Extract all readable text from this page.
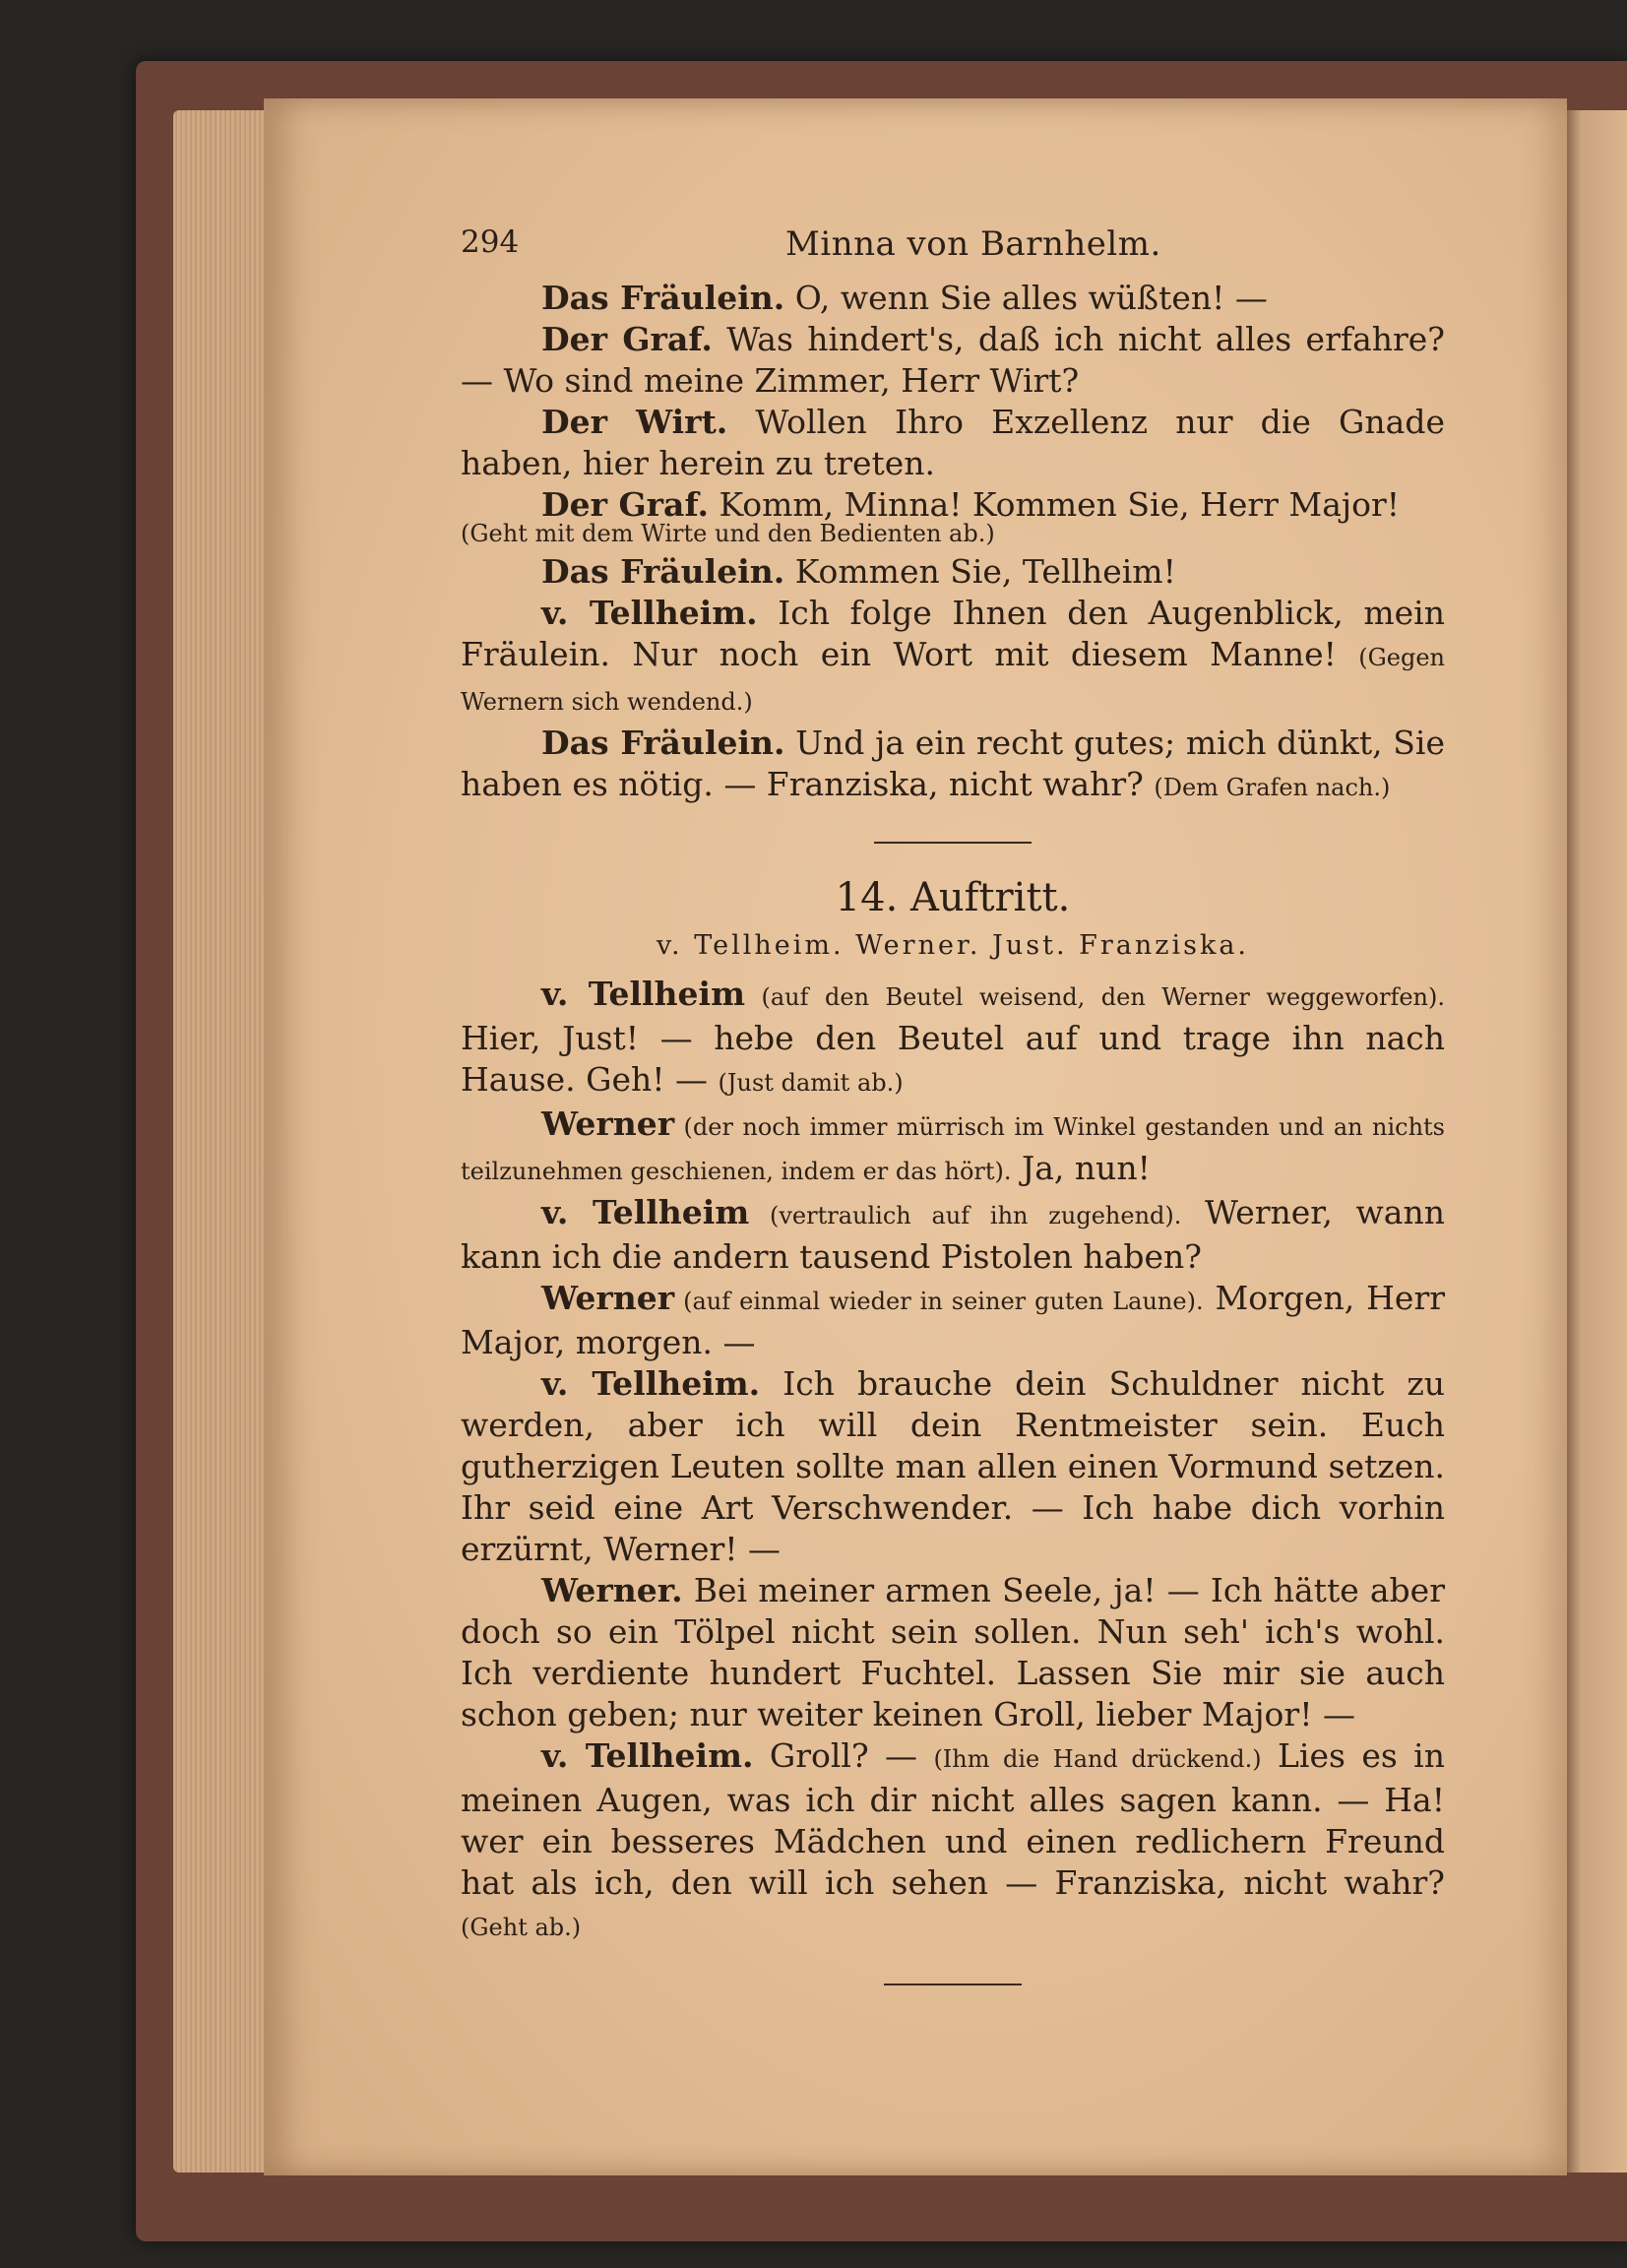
294	Minna von Barnhelm.

Das Fräulein. O, wenn Sie alles wüßten! —

Der Graf. Was hindert's, daß ich nicht alles erfahre? — Wo sind meine Zimmer, Herr Wirt?

Der Wirt. Wollen Ihro Exzellenz nur die Gnade haben, hier herein zu treten.

Der Graf. Komm, Minna! Kommen Sie, Herr Major!

(Geht mit dem Wirte und den Bedienten ab.)

Das Fräulein. Kommen Sie, Tellheim!

v. Tellheim. Ich folge Ihnen den Augenblick, mein Fräulein. Nur noch ein Wort mit diesem Manne! (Gegen Wernern sich wendend.)

Das Fräulein. Und ja ein recht gutes; mich dünkt, Sie haben es nötig. — Franziska, nicht wahr? (Dem Grafen nach.)

14. Auftritt.

v. Tellheim. Werner. Just. Franziska.

v. Tellheim (auf den Beutel weisend, den Werner weggeworfen). Hier, Just! — hebe den Beutel auf und trage ihn nach Hause. Geh! — (Just damit ab.)

Werner (der noch immer mürrisch im Winkel gestanden und an nichts teilzunehmen geschienen, indem er das hört). Ja, nun!

v. Tellheim (vertraulich auf ihn zugehend). Werner, wann kann ich die andern tausend Pistolen haben?

Werner (auf einmal wieder in seiner guten Laune). Morgen, Herr Major, morgen. —

v. Tellheim. Ich brauche dein Schuldner nicht zu werden, aber ich will dein Rentmeister sein. Euch gutherzigen Leuten sollte man allen einen Vormund setzen. Ihr seid eine Art Verschwender. — Ich habe dich vorhin erzürnt, Werner! —

Werner. Bei meiner armen Seele, ja! — Ich hätte aber doch so ein Tölpel nicht sein sollen. Nun seh' ich's wohl. Ich verdiente hundert Fuchtel. Lassen Sie mir sie auch schon geben; nur weiter keinen Groll, lieber Major! —

v. Tellheim. Groll? — (Ihm die Hand drückend.) Lies es in meinen Augen, was ich dir nicht alles sagen kann. — Ha! wer ein besseres Mädchen und einen redlichern Freund hat als ich, den will ich sehen — Franziska, nicht wahr? (Geht ab.)
